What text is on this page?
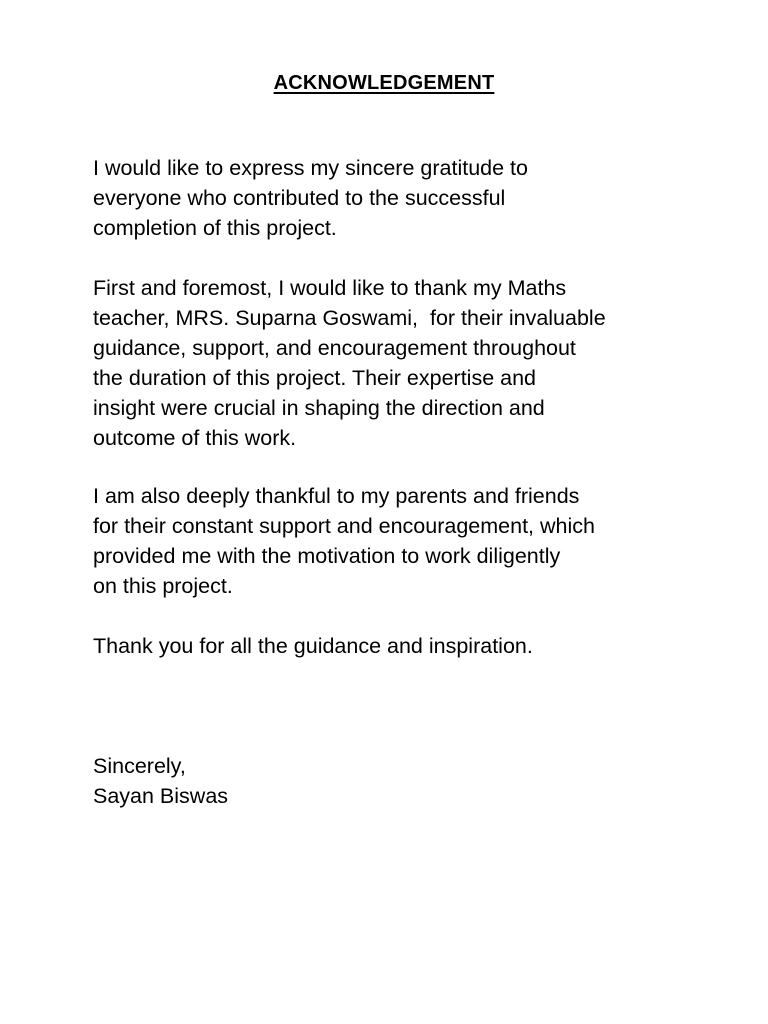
ACKNOWLEDGEMENT

I would like to express my sincere gratitude to
everyone who contributed to the successful
completion of this project.

First and foremost, I would like to thank my Maths
teacher, MRS. Suparna Goswami,  for their invaluable
guidance, support, and encouragement throughout
the duration of this project. Their expertise and
insight were crucial in shaping the direction and
outcome of this work.

I am also deeply thankful to my parents and friends
for their constant support and encouragement, which
provided me with the motivation to work diligently
on this project.

Thank you for all the guidance and inspiration.

Sincerely,
Sayan Biswas
